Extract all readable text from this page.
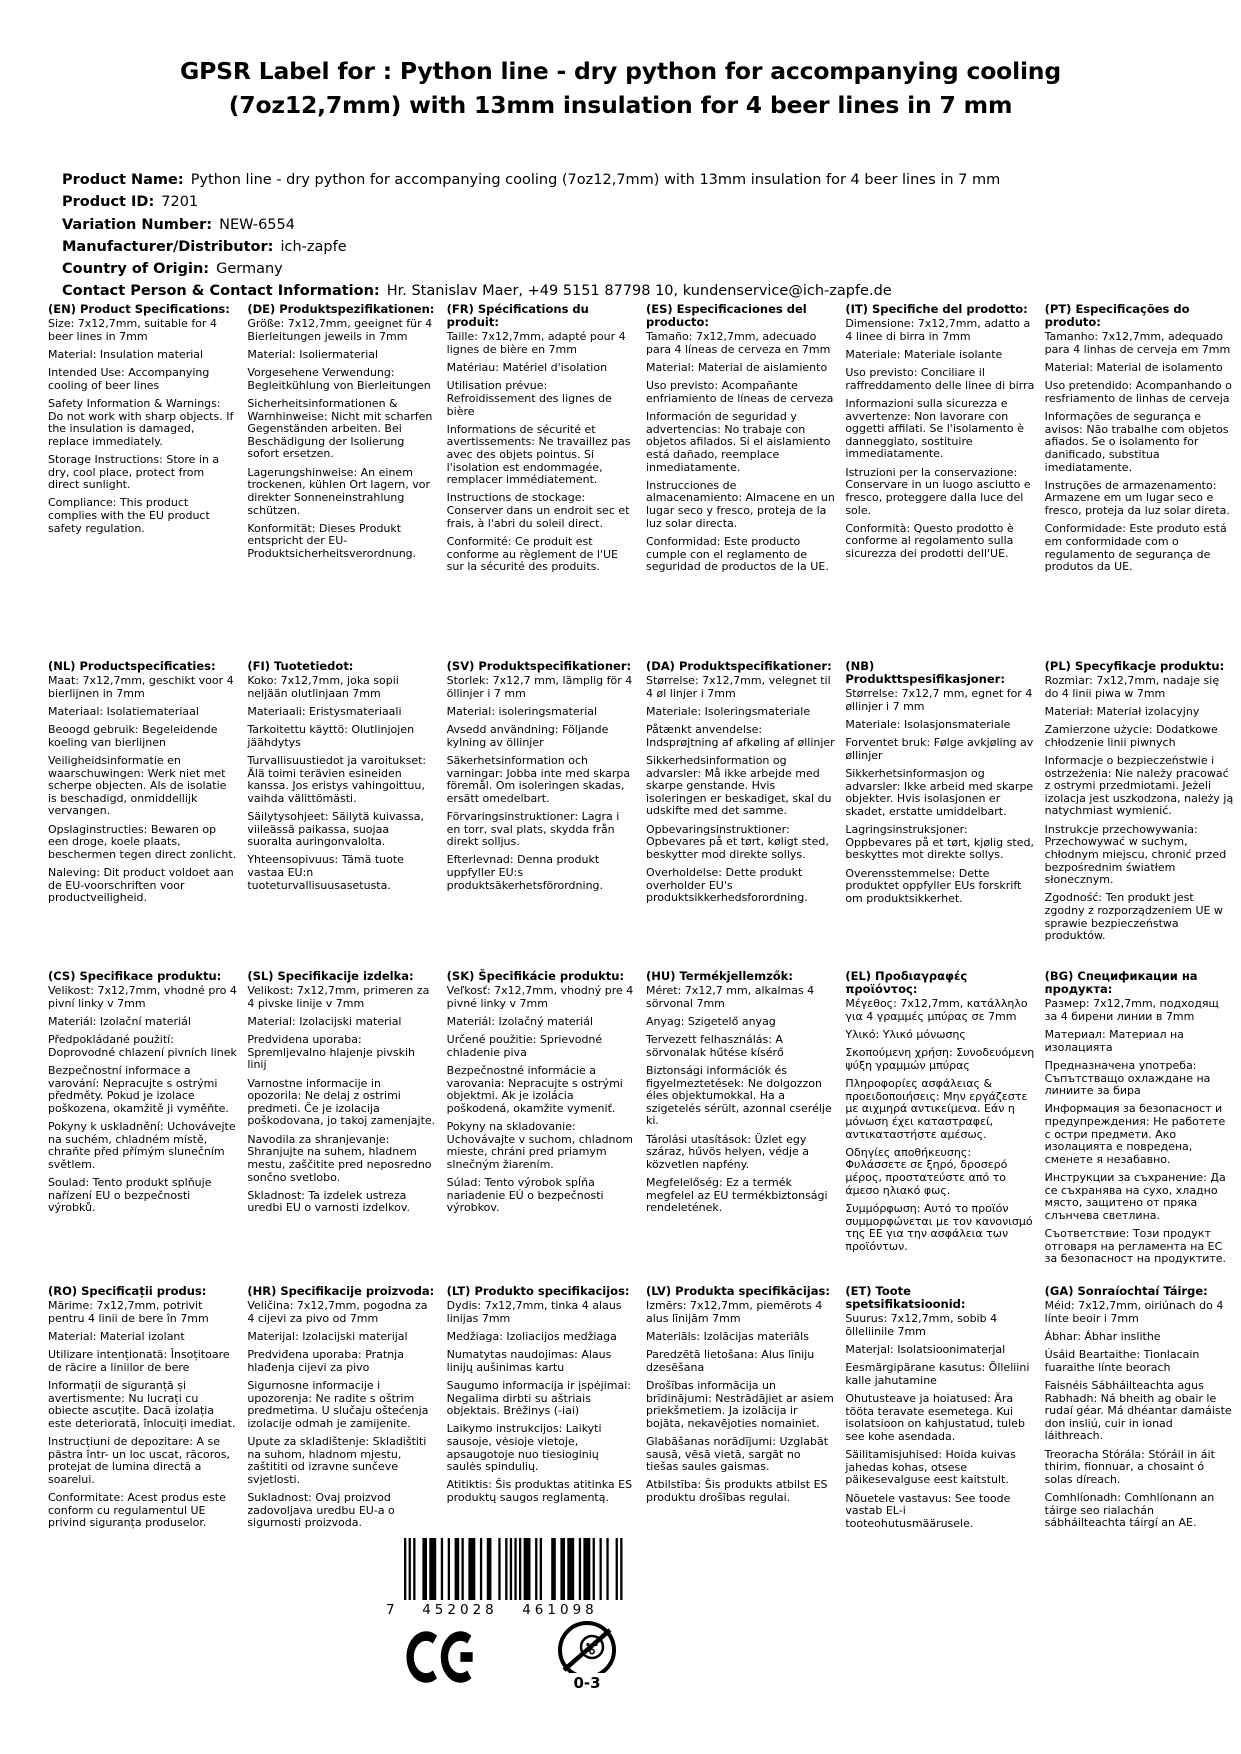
GPSR Label for : Python line - dry python for accompanying cooling (7oz12,7mm) with 13mm insulation for 4 beer lines in 7 mm
Product Name: Python line - dry python for accompanying cooling (7oz12,7mm) with 13mm insulation for 4 beer lines in 7 mm
Product ID: 7201
Variation Number: NEW-6554
Manufacturer/Distributor: ich-zapfe
Country of Origin: Germany
Contact Person & Contact Information: Hr. Stanislav Maer, +49 5151 87798 10, kundenservice@ich-zapfe.de
(EN) Product Specifications:
Size: 7x12,7mm, suitable for 4 beer lines in 7mm
Material: Insulation material
Intended Use: Accompanying cooling of beer lines
Safety Information & Warnings: Do not work with sharp objects. If the insulation is damaged, replace immediately.
Storage Instructions: Store in a dry, cool place, protect from direct sunlight.
Compliance: This product complies with the EU product safety regulation.
(DE) Produktspezifikationen:
Größe: 7x12,7mm, geeignet für 4 Bierleitungen jeweils in 7mm
Material: Isoliermaterial
Vorgesehene Verwendung: Begleitkühlung von Bierleitungen
Sicherheitsinformationen & Warnhinweise: Nicht mit scharfen Gegenständen arbeiten. Bei Beschädigung der Isolierung sofort ersetzen.
Lagerungshinweise: An einem trockenen, kühlen Ort lagern, vor direkter Sonneneinstrahlung schützen.
Konformität: Dieses Produkt entspricht der EU-Produktsicherheitsverordnung.
(FR) Spécifications du produit:
Taille: 7x12,7mm, adapté pour 4 lignes de bière en 7mm
Matériau: Matériel d'isolation
Utilisation prévue: Refroidissement des lignes de bière
Informations de sécurité et avertissements: Ne travaillez pas avec des objets pointus. Si l'isolation est endommagée, remplacer immédiatement.
Instructions de stockage: Conserver dans un endroit sec et frais, à l'abri du soleil direct.
Conformité: Ce produit est conforme au règlement de l'UE sur la sécurité des produits.
(ES) Especificaciones del producto:
Tamaño: 7x12,7mm, adecuado para 4 líneas de cerveza en 7mm
Material: Material de aislamiento
Uso previsto: Acompañante enfriamiento de líneas de cerveza
Información de seguridad y advertencias: No trabaje con objetos afilados. Si el aislamiento está dañado, reemplace inmediatamente.
Instrucciones de almacenamiento: Almacene en un lugar seco y fresco, proteja de la luz solar directa.
Conformidad: Este producto cumple con el reglamento de seguridad de productos de la UE.
(IT) Specifiche del prodotto:
Dimensione: 7x12,7mm, adatto a 4 linee di birra in 7mm
Materiale: Materiale isolante
Uso previsto: Conciliare il raffreddamento delle linee di birra
Informazioni sulla sicurezza e avvertenze: Non lavorare con oggetti affilati. Se l'isolamento è danneggiato, sostituire immediatamente.
Istruzioni per la conservazione: Conservare in un luogo asciutto e fresco, proteggere dalla luce del sole.
Conformità: Questo prodotto è conforme al regolamento sulla sicurezza dei prodotti dell'UE.
(PT) Especificações do produto:
Tamanho: 7x12,7mm, adequado para 4 linhas de cerveja em 7mm
Material: Material de isolamento
Uso pretendido: Acompanhando o resfriamento de linhas de cerveja
Informações de segurança e avisos: Não trabalhe com objetos afiados. Se o isolamento for danificado, substitua imediatamente.
Instruções de armazenamento: Armazene em um lugar seco e fresco, proteja da luz solar direta.
Conformidade: Este produto está em conformidade com o regulamento de segurança de produtos da UE.
(NL) Productspecificaties:
Maat: 7x12,7mm, geschikt voor 4 bierlijnen in 7mm
Materiaal: Isolatiemateriaal
Beoogd gebruik: Begeleidende koeling van bierlijnen
Veiligheidsinformatie en waarschuwingen: Werk niet met scherpe objecten. Als de isolatie is beschadigd, onmiddellijk vervangen.
Opslaginstructies: Bewaren op een droge, koele plaats, beschermen tegen direct zonlicht.
Naleving: Dit product voldoet aan de EU-voorschriften voor productveiligheid.
(FI) Tuotetiedot:
Koko: 7x12,7mm, joka sopii neljään olutlinjaan 7mm
Materiaali: Eristysmateriaali
Tarkoitettu käyttö: Olutlinjojen jäähdytys
Turvallisuustiedot ja varoitukset: Älä toimi terävien esineiden kanssa. Jos eristys vahingoittuu, vaihda välittömästi.
Säilytysohjeet: Säilytä kuivassa, viileässä paikassa, suojaa suoralta auringonvalolta.
Yhteensopivuus: Tämä tuote vastaa EU:n tuoteturvallisuusasetusta.
(SV) Produktspecifikationer:
Storlek: 7x12,7 mm, lämplig för 4 öllinjer i 7 mm
Material: isoleringsmaterial
Avsedd användning: Följande kylning av öllinjer
Säkerhetsinformation och varningar: Jobba inte med skarpa föremål. Om isoleringen skadas, ersätt omedelbart.
Förvaringsinstruktioner: Lagra i en torr, sval plats, skydda från direkt solljus.
Efterlevnad: Denna produkt uppfyller EU:s produktsäkerhetsförordning.
(DA) Produktspecifikationer:
Størrelse: 7x12,7mm, velegnet til 4 øl linjer i 7mm
Materiale: Isoleringsmateriale
Påtænkt anvendelse: Indsprøjtning af afkøling af øllinjer
Sikkerhedsinformation og advarsler: Må ikke arbejde med skarpe genstande. Hvis isoleringen er beskadiget, skal du udskifte med det samme.
Opbevaringsinstruktioner: Opbevares på et tørt, køligt sted, beskytter mod direkte sollys.
Overholdelse: Dette produkt overholder EU's produktsikkerhedsforordning.
(NB) Produkttspesifikasjoner:
Størrelse: 7x12,7 mm, egnet for 4 øllinjer i 7 mm
Materiale: Isolasjonsmateriale
Forventet bruk: Følge avkjøling av øllinjer
Sikkerhetsinformasjon og advarsler: Ikke arbeid med skarpe objekter. Hvis isolasjonen er skadet, erstatte umiddelbart.
Lagringsinstruksjoner: Oppbevares på et tørt, kjølig sted, beskyttes mot direkte sollys.
Overensstemmelse: Dette produktet oppfyller EUs forskrift om produktsikkerhet.
(PL) Specyfikacje produktu:
Rozmiar: 7x12,7mm, nadaje się do 4 linii piwa w 7mm
Materiał: Materiał izolacyjny
Zamierzone użycie: Dodatkowe chłodzenie linii piwnych
Informacje o bezpieczeństwie i ostrzeżenia: Nie należy pracować z ostrymi przedmiotami. Jeżeli izolacja jest uszkodzona, należy ją natychmiast wymienić.
Instrukcje przechowywania: Przechowywać w suchym, chłodnym miejscu, chronić przed bezpośrednim światłem słonecznym.
Zgodność: Ten produkt jest zgodny z rozporządzeniem UE w sprawie bezpieczeństwa produktów.
(CS) Specifikace produktu:
Velikost: 7x12,7mm, vhodné pro 4 pivní linky v 7mm
Materiál: Izolační materiál
Předpokládané použití: Doprovodné chlazení pivních linek
Bezpečnostní informace a varování: Nepracujte s ostrými předměty. Pokud je izolace poškozena, okamžitě ji vyměňte.
Pokyny k uskladnění: Uchovávejte na suchém, chladném místě, chraňte před přímým slunečním světlem.
Soulad: Tento produkt splňuje nařízení EU o bezpečnosti výrobků.
(SL) Specifikacije izdelka:
Velikost: 7x12,7mm, primeren za 4 pivske linije v 7mm
Material: Izolacijski material
Predvidena uporaba: Spremljevalno hlajenje pivskih linij
Varnostne informacije in opozorila: Ne delaj z ostrimi predmeti. Če je izolacija poškodovana, jo takoj zamenjajte.
Navodila za shranjevanje: Shranjujte na suhem, hladnem mestu, zaščitite pred neposredno sončno svetlobo.
Skladnost: Ta izdelek ustreza uredbi EU o varnosti izdelkov.
(SK) Špecifikácie produktu:
Veľkosť: 7x12,7mm, vhodný pre 4 pivné linky v 7mm
Materiál: Izolačný materiál
Určené použitie: Sprievodné chladenie piva
Bezpečnostné informácie a varovania: Nepracujte s ostrými objektmi. Ak je izolácia poškodená, okamžite vymeniť.
Pokyny na skladovanie: Uchovávajte v suchom, chladnom mieste, chráni pred priamym slnečným žiarením.
Súlad: Tento výrobok spĺňa nariadenie EÚ o bezpečnosti výrobkov.
(HU) Termékjellemzők:
Méret: 7x12,7 mm, alkalmas 4 sörvonal 7mm
Anyag: Szigetelő anyag
Tervezett felhasználás: A sörvonalak hűtése kísérő
Biztonsági információk és figyelmeztetések: Ne dolgozzon éles objektumokkal. Ha a szigetelés sérült, azonnal cserélje ki.
Tárolási utasítások: Üzlet egy száraz, hűvös helyen, védje a közvetlen napfény.
Megfelelőség: Ez a termék megfelel az EU termékbiztonsági rendeletének.
(EL) Προδιαγραφές προϊόντος:
Μέγεθος: 7x12,7mm, κατάλληλο για 4 γραμμές μπύρας σε 7mm
Υλικό: Υλικό μόνωσης
Σκοπούμενη χρήση: Συνοδευόμενη ψύξη γραμμών μπύρας
Πληροφορίες ασφάλειας & προειδοποιήσεις: Μην εργάζεστε με αιχμηρά αντικείμενα. Εάν η μόνωση έχει καταστραφεί, αντικαταστήστε αμέσως.
Οδηγίες αποθήκευσης: Φυλάσσετε σε ξηρό, δροσερό μέρος, προστατεύστε από το άμεσο ηλιακό φως.
Συμμόρφωση: Αυτό το προϊόν συμμορφώνεται με τον κανονισμό της ΕΕ για την ασφάλεια των προϊόντων.
(BG) Спецификации на продукта:
Размер: 7x12,7mm, подходящ за 4 бирени линии в 7mm
Материал: Материал на изолацията
Предназначена употреба: Съпътстващо охлаждане на линиите за бира
Информация за безопасност и предупреждения: Не работете с остри предмети. Ако изолацията е повредена, сменете я незабавно.
Инструкции за съхранение: Да се съхранява на сухо, хладно място, защитено от пряка слънчева светлина.
Съответствие: Този продукт отговаря на регламента на ЕС за безопасност на продуктите.
(RO) Specificații produs:
Mărime: 7x12,7mm, potrivit pentru 4 linii de bere în 7mm
Material: Material izolant
Utilizare intenționată: Însoțitoare de răcire a liniilor de bere
Informații de siguranță și avertismente: Nu lucrați cu obiecte ascuțite. Dacă izolația este deteriorată, înlocuiți imediat.
Instrucțiuni de depozitare: A se păstra într- un loc uscat, răcoros, protejat de lumina directă a soarelui.
Conformitate: Acest produs este conform cu regulamentul UE privind siguranța produselor.
(HR) Specifikacije proizvoda:
Veličina: 7x12,7mm, pogodna za 4 cijevi za pivo od 7mm
Materijal: Izolacijski materijal
Predviđena uporaba: Pratnja hlađenja cijevi za pivo
Sigurnosne informacije i upozorenja: Ne radite s oštrim predmetima. U slučaju oštećenja izolacije odmah je zamijenite.
Upute za skladištenje: Skladištiti na suhom, hladnom mjestu, zaštititi od izravne sunčeve svjetlosti.
Sukladnost: Ovaj proizvod zadovoljava uredbu EU-a o sigurnosti proizvoda.
(LT) Produkto specifikacijos:
Dydis: 7x12,7mm, tinka 4 alaus linijas 7mm
Medžiaga: Izoliacijos medžiaga
Numatytas naudojimas: Alaus linijų aušinimas kartu
Saugumo informacija ir įspėjimai: Negalima dirbti su aštriais objektais. Brėžinys (-iai)
Laikymo instrukcijos: Laikyti sausoje, vėsioje vietoje, apsaugotoje nuo tiesioginių saulės spindulių.
Atitiktis: Šis produktas atitinka ES produktų saugos reglamentą.
(LV) Produkta specifikācijas:
Izmērs: 7x12,7mm, piemērots 4 alus līnijām 7mm
Materiāls: Izolācijas materiāls
Paredzētā lietošana: Alus līniju dzesēšana
Drošības informācija un brīdinājumi: Nestrādājiet ar asiem priekšmetiem. Ja izolācija ir bojāta, nekavējoties nomainiet.
Glabāšanas norādījumi: Uzglabāt sausā, vēsā vietā, sargāt no tiešas saules gaismas.
Atbilstība: Šis produkts atbilst ES produktu drošības regulai.
(ET) Toote spetsifikatsioonid:
Suurus: 7x12,7mm, sobib 4 õlleliinile 7mm
Materjal: Isolatsioonimaterjal
Eesmärgipärane kasutus: Õlleliini kalle jahutamine
Ohutusteave ja hoiatused: Ära tööta teravate esemetega. Kui isolatsioon on kahjustatud, tuleb see kohe asendada.
Säilitamisjuhised: Hoida kuivas jahedas kohas, otsese päikesevalguse eest kaitstult.
Nõuetele vastavus: See toode vastab EL-i tooteohutusmäärusele.
(GA) Sonraíochtaí Táirge:
Méid: 7x12,7mm, oiriúnach do 4 línte beoir i 7mm
Ábhar: Ábhar inslithe
Úsáid Beartaithe: Tionlacain fuaraithe línte beorach
Faisnéis Sábháilteachta agus Rabhadh: Ná bheith ag obair le rudaí géar. Má dhéantar damáiste don insliú, cuir in ionad láithreach.
Treoracha Stórála: Stóráil in áit thirim, fionnuar, a chosaint ó solas díreach.
Comhlíonadh: Comhlíonann an táirge seo rialachán sábháilteachta táirgí an AE.
7	452028	461098
0-3
